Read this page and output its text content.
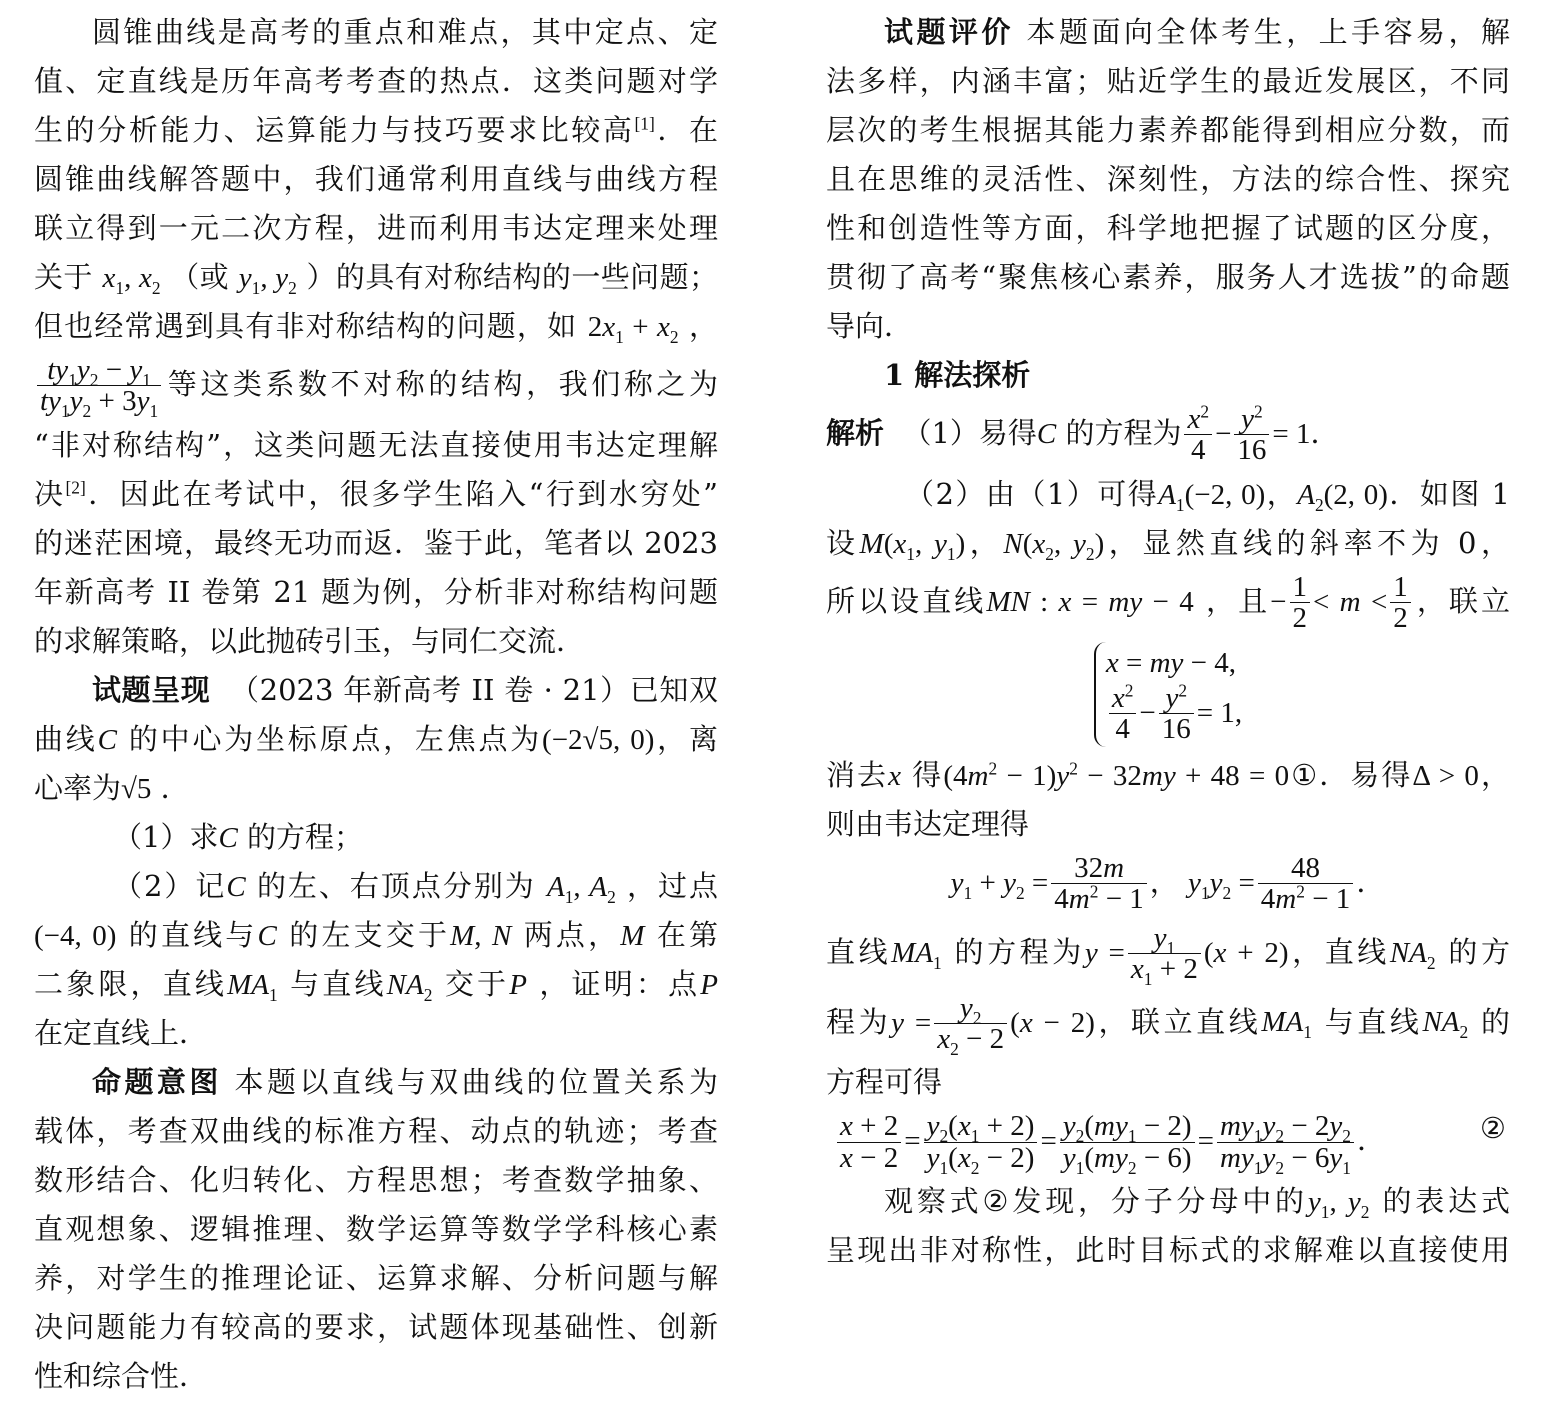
圆锥曲线是高考的重点和难点，其中定点、定
值、定直线是历年高考考查的热点．这类问题对学
生的分析能力、运算能力与技巧要求比较高[1]．在
圆锥曲线解答题中，我们通常利用直线与曲线方程
联立得到一元二次方程，进而利用韦达定理来处理
关于 $x_1$, $x_2$ （或 $y_1$, $y_2$ ）的具有对称结构的一些问题；
但也经常遇到具有非对称结构的问题，如 $2x_1 + x_2$ ，
$\frac{ty_1y_2 - y_1}{ty_1y_2 + 3y_1}$ 等这类系数不对称的结构，我们称之为
“非对称结构”，这类问题无法直接使用韦达定理解
决[2]．因此在考试中，很多学生陷入“行到水穷处”
的迷茫困境，最终无功而返．鉴于此，笔者以 2023
年新高考 II 卷第 21 题为例，分析非对称结构问题
的求解策略，以此抛砖引玉，与同仁交流．
试题呈现 （2023 年新高考 II 卷 · 21）已知双
曲线C 的中心为坐标原点，左焦点为(−2√5, 0)，离
心率为√5 ．
（1）求C 的方程；
（2）记C 的左、右顶点分别为 $A_1$, $A_2$ ，过点
(−4, 0) 的直线与C 的左支交于M, N 两点，M 在第
二象限，直线$MA_1$ 与直线$NA_2$ 交于P ，证明：点P
在定直线上．
命题意图 本题以直线与双曲线的位置关系为
载体，考查双曲线的标准方程、动点的轨迹；考查
数形结合、化归转化、方程思想；考查数学抽象、
直观想象、逻辑推理、数学运算等数学学科核心素
养，对学生的推理论证、运算求解、分析问题与解
决问题能力有较高的要求，试题体现基础性、创新
性和综合性．
试题评价 本题面向全体考生，上手容易，解
法多样，内涵丰富；贴近学生的最近发展区，不同
层次的考生根据其能力素养都能得到相应分数，而
且在思维的灵活性、深刻性，方法的综合性、探究
性和创造性等方面，科学地把握了试题的区分度，
贯彻了高考“聚焦核心素养，服务人才选拔”的命题
导向．
1 解法探析
解析 （1）易得C 的方程为 $\frac{x^2}{4} - \frac{y^2}{16} = 1$．
（2）由（1）可得$A_1(-2$, 0)，$A_2(2$, 0)．如图 1
设$M(x_1$, $y_1$)，$N(x_2$, $y_2$)，显然直线的斜率不为 0，
所以设直线MN : x = my − 4 ，且− $\frac{1}{2} < m < \frac{1}{2}$ ，联立
x = my − 4,
$\frac{x^2}{4} - \frac{y^2}{16} = 1$,
消去x 得$(4m^2 - 1)y^2 - 32my + 48$ = 0①．易得Δ > 0，
则由韦达定理得
$y_1 + y_2 = \frac{32m}{4m^2 - 1}$ ， $y_1y_2 = \frac{48}{4m^2 - 1}$ ．
直线$MA_1$ 的方程为$y = \frac{y_1}{x_1 + 2} (x + 2)$，直线$NA_2$ 的方
程为$y = \frac{y_2}{x_2 - 2} (x - 2)$，联立直线$MA_1$ 与直线$NA_2$ 的
方程可得
$\frac{x + 2}{x - 2} = \frac{y_2(x_1 + 2)}{y_1(x_2 - 2)} = \frac{y_2(my_1 - 2)}{y_1(my_2 - 6)} = \frac{my_1y_2 - 2y_2}{my_1y_2 - 6y_1}$ ．	②
观察式②发现，分子分母中的$y_1$, $y_2$ 的表达式
呈现出非对称性，此时目标式的求解难以直接使用
